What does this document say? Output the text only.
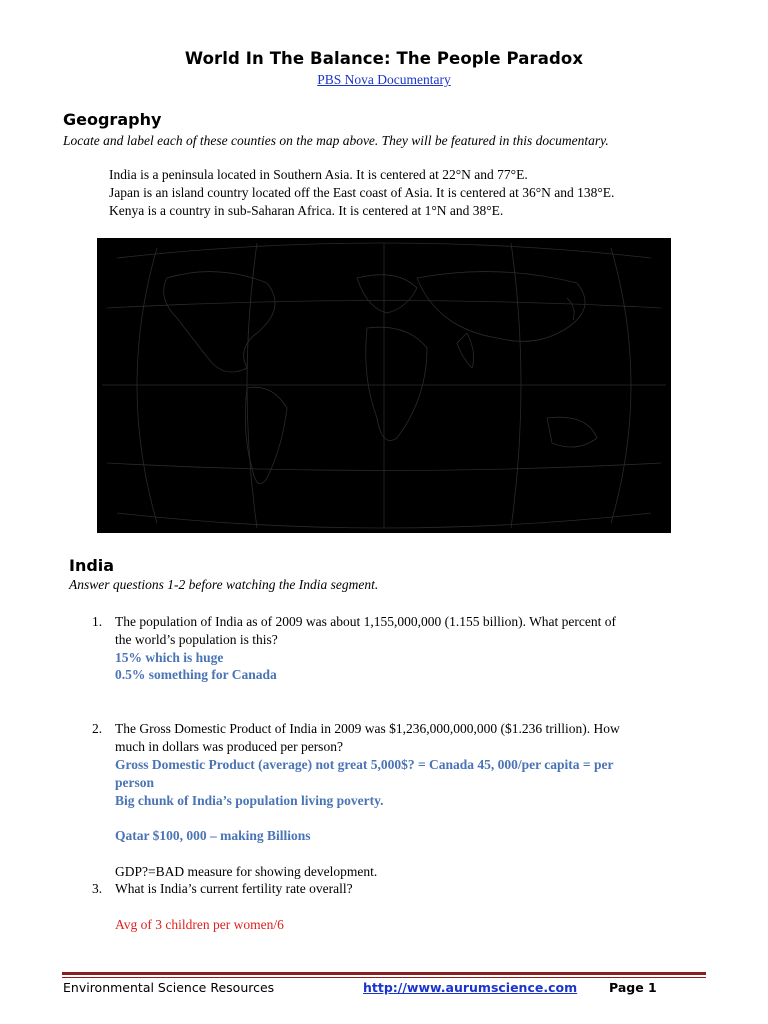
World In The Balance: The People Paradox
PBS Nova Documentary
Geography
Locate and label each of these counties on the map above. They will be featured in this documentary.
India is a peninsula located in Southern Asia. It is centered at 22°N and 77°E.
Japan is an island country located off the East coast of Asia. It is centered at 36°N and 138°E.
Kenya is a country in sub-Saharan Africa. It is centered at 1°N and 38°E.
India
Answer questions 1-2 before watching the India segment.
1. The population of India as of 2009 was about 1,155,000,000 (1.155 billion). What percent of
the world’s population is this?
15% which is huge
0.5% something for Canada
2. The Gross Domestic Product of India in 2009 was $1,236,000,000,000 ($1.236 trillion). How
much in dollars was produced per person?
Gross Domestic Product (average) not great 5,000$? = Canada 45, 000/per capita = per
person
Big chunk of India’s population living poverty.
Qatar $100, 000 – making Billions
GDP?=BAD measure for showing development.
3. What is India’s current fertility rate overall?
Avg of 3 children per women/6
Environmental Science Resources	http://www.aurumscience.com	Page 1
